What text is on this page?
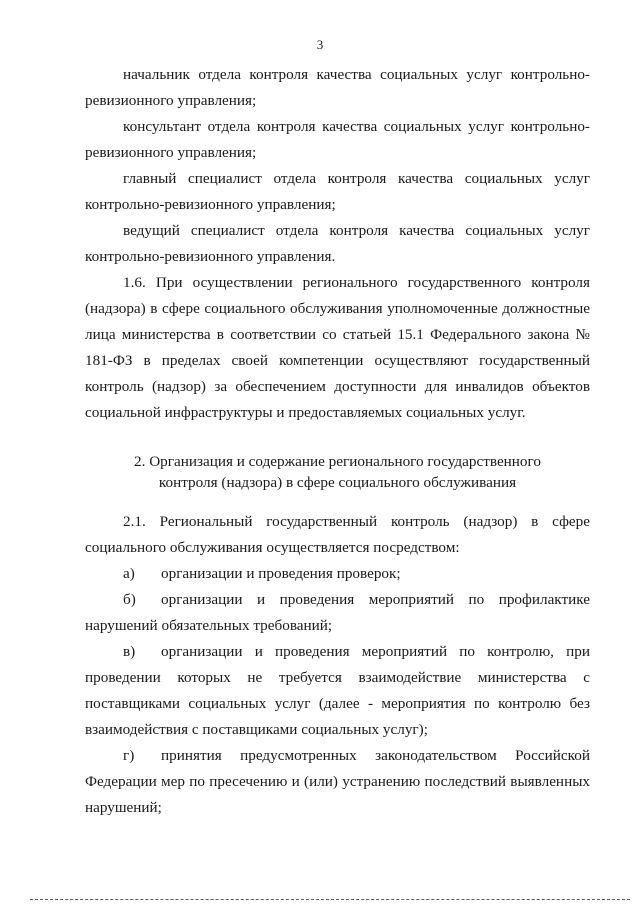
3

начальник отдела контроля качества социальных услуг контрольно-ревизионного управления;

консультант отдела контроля качества социальных услуг контрольно-ревизионного управления;

главный специалист отдела контроля качества социальных услуг контрольно-ревизионного управления;

ведущий специалист отдела контроля качества социальных услуг контрольно-ревизионного управления.

1.6. При осуществлении регионального государственного контроля (надзора) в сфере социального обслуживания уполномоченные должностные лица министерства в соответствии со статьей 15.1 Федерального закона № 181-ФЗ в пределах своей компетенции осуществляют государственный контроль (надзор) за обеспечением доступности для инвалидов объектов социальной инфраструктуры и предоставляемых социальных услуг.

2. Организация и содержание регионального государственного
контроля (надзора) в сфере социального обслуживания

2.1. Региональный государственный контроль (надзор) в сфере социального обслуживания осуществляется посредством:

а)	организации и проведения проверок;
б)	организации и проведения мероприятий по профилактике нарушений обязательных требований;
в)	организации и проведения мероприятий по контролю, при проведении которых не требуется взаимодействие министерства с поставщиками социальных услуг (далее - мероприятия по контролю без взаимодействия с поставщиками социальных услуг);
г)	принятия предусмотренных законодательством Российской Федерации мер по пресечению и (или) устранению последствий выявленных нарушений;
